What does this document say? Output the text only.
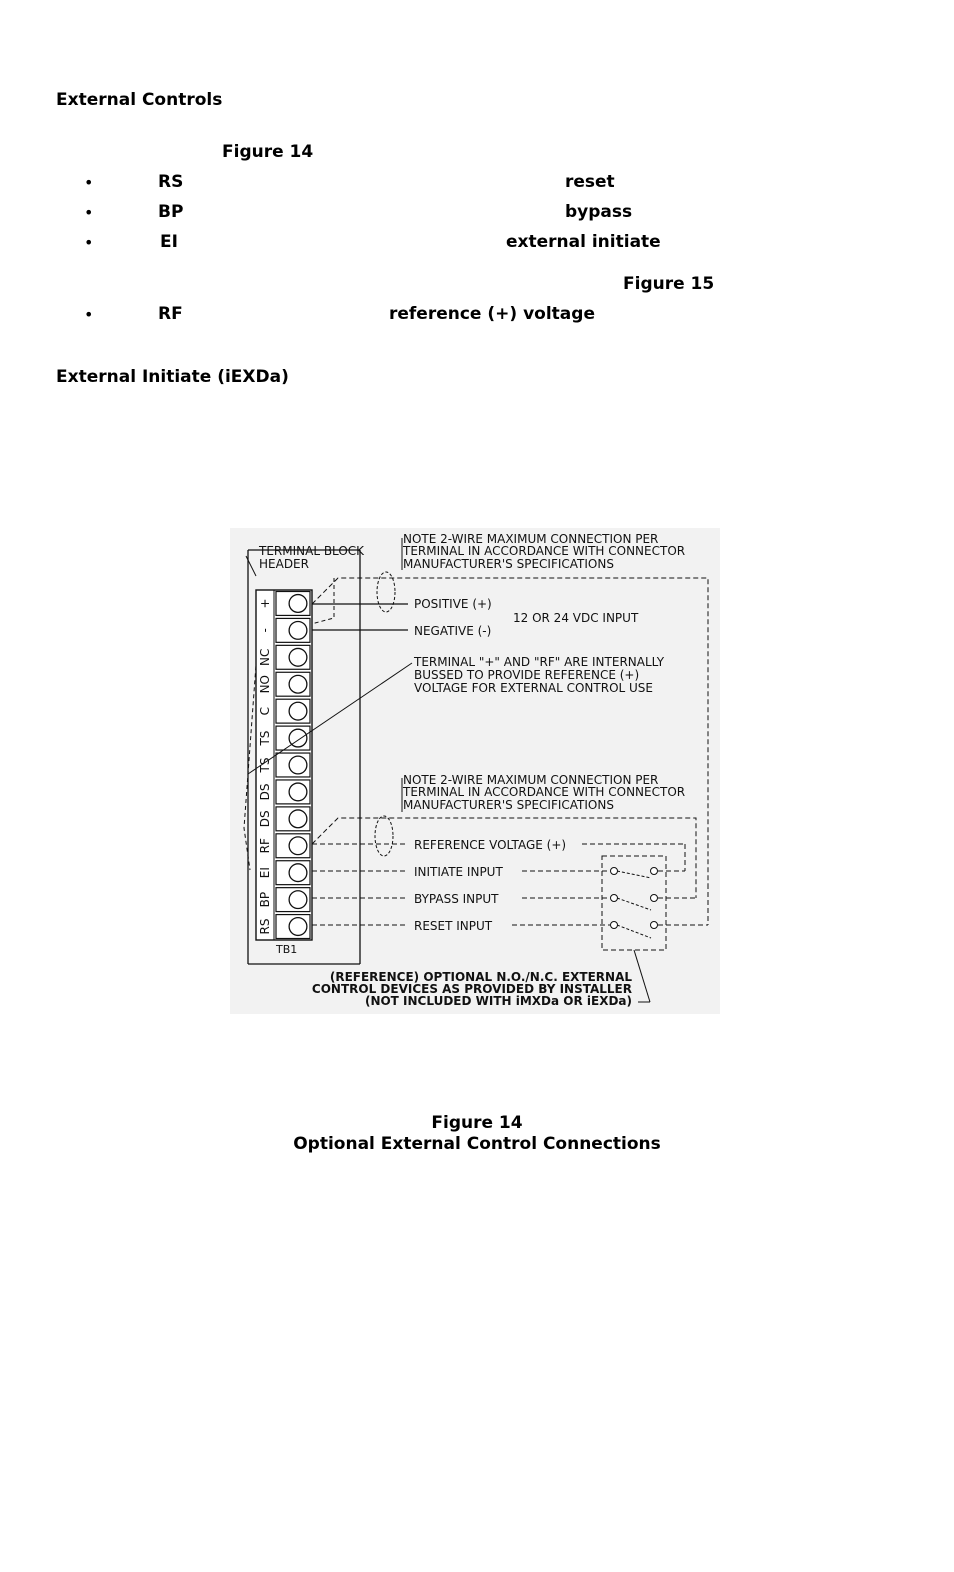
External Controls
Figure 14
•	RS	reset
•	BP	bypass
•	EI	external initiate
Figure 15
•	RF	reference (+) voltage
External Initiate (iEXDa)
+
-
NC
NO
C
TS
TS
DS
DS
RF
EI
BP
RS
TB1
TERMINAL BLOCK
HEADER
NOTE 2-WIRE MAXIMUM CONNECTION PER
TERMINAL IN ACCORDANCE WITH CONNECTOR
MANUFACTURER'S SPECIFICATIONS
POSITIVE (+)
NEGATIVE (-)
12 OR 24 VDC INPUT
TERMINAL "+" AND "RF" ARE INTERNALLY
BUSSED TO PROVIDE REFERENCE (+)
VOLTAGE FOR EXTERNAL CONTROL USE
NOTE 2-WIRE MAXIMUM CONNECTION PER
TERMINAL IN ACCORDANCE WITH CONNECTOR
MANUFACTURER'S SPECIFICATIONS
REFERENCE VOLTAGE (+)
INITIATE INPUT
BYPASS INPUT
RESET INPUT
(REFERENCE) OPTIONAL N.O./N.C. EXTERNAL
CONTROL DEVICES AS PROVIDED BY INSTALLER
(NOT INCLUDED WITH iMXDa OR iEXDa)
Figure 14
Optional External Control Connections
